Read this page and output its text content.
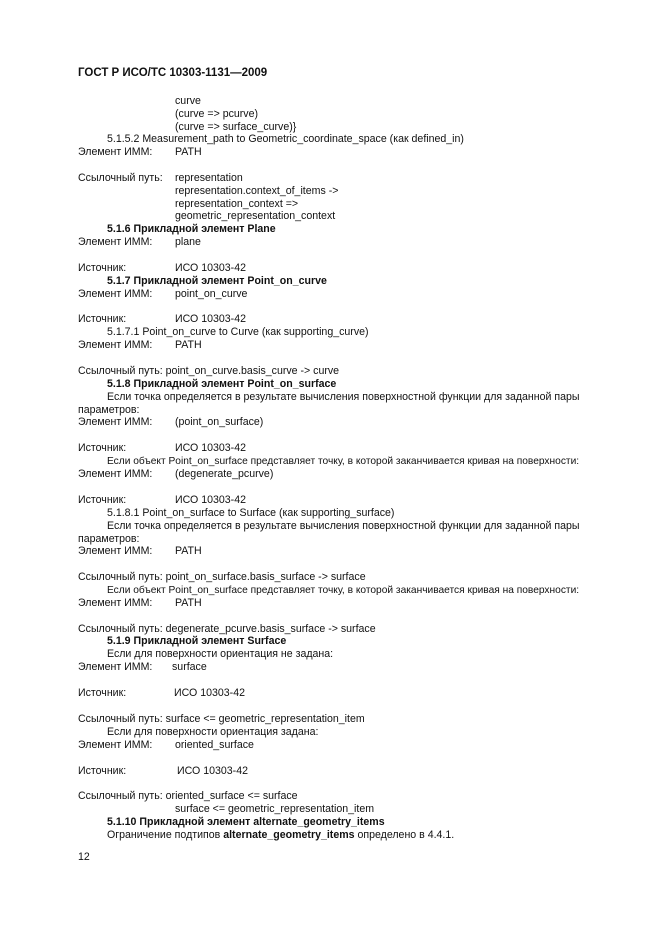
ГОСТ Р ИСО/ТС 10303-1131—2009
curve
(curve => pcurve)
(curve => surface_curve)}
5.1.5.2 Measurement_path to Geometric_coordinate_space (как defined_in)
Элемент ИММ: PATH
Ссылочный путь: representation
representation.context_of_items ->
representation_context =>
geometric_representation_context
5.1.6 Прикладной элемент Plane
Элемент ИММ: plane
Источник:	ИСО 10303-42
5.1.7 Прикладной элемент Point_on_curve
Элемент ИММ: point_on_curve
Источник:	ИСО 10303-42
5.1.7.1 Point_on_curve to Curve (как supporting_curve)
Элемент ИММ: PATH
Ссылочный путь: point_on_curve.basis_curve -> curve
5.1.8 Прикладной элемент Point_on_surface
Если точка определяется в результате вычисления поверхностной функции для заданной пары
параметров:
Элемент ИММ: (point_on_surface)
Источник:	ИСО 10303-42
Если объект Point_on_surface представляет точку, в которой заканчивается кривая на поверхности:
Элемент ИММ: (degenerate_pcurve)
Источник:	ИСО 10303-42
5.1.8.1 Point_on_surface to Surface (как supporting_surface)
Если точка определяется в результате вычисления поверхностной функции для заданной пары
параметров:
Элемент ИММ: PATH
Ссылочный путь: point_on_surface.basis_surface -> surface
Если объект Point_on_surface представляет точку, в которой заканчивается кривая на поверхности:
Элемент ИММ: PATH
Ссылочный путь: degenerate_pcurve.basis_surface -> surface
5.1.9 Прикладной элемент Surface
Если для поверхности ориентация не задана:
Элемент ИММ: surface
Источник:	ИСО 10303-42
Ссылочный путь: surface <= geometric_representation_item
Если для поверхности ориентация задана:
Элемент ИММ: oriented_surface
Источник:	ИСО 10303-42
Ссылочный путь: oriented_surface <= surface
surface <= geometric_representation_item
5.1.10 Прикладной элемент alternate_geometry_items
Ограничение подтипов alternate_geometry_items определено в 4.4.1.
12
